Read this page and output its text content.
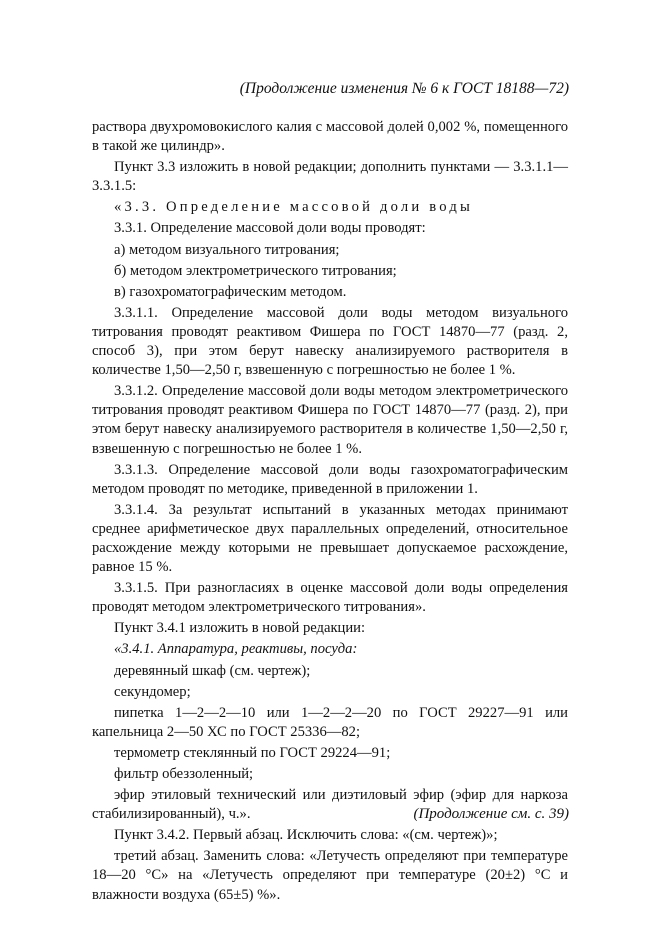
(Продолжение изменения № 6 к ГОСТ 18188—72)

раствора двухромовокислого калия с массовой долей 0,002 %, помещенного в такой же цилиндр».

Пункт 3.3 изложить в новой редакции; дополнить пунктами — 3.3.1.1—3.3.1.5:

«3.3. Определение массовой доли воды

3.3.1. Определение массовой доли воды проводят:

а) методом визуального титрования;

б) методом электрометрического титрования;

в) газохроматографическим методом.

3.3.1.1. Определение массовой доли воды методом визуального титрования проводят реактивом Фишера по ГОСТ 14870—77 (разд. 2, способ 3), при этом берут навеску анализируемого растворителя в количестве 1,50—2,50 г, взвешенную с погрешностью не более 1 %.

3.3.1.2. Определение массовой доли воды методом электрометрического титрования проводят реактивом Фишера по ГОСТ 14870—77 (разд. 2), при этом берут навеску анализируемого растворителя в количестве 1,50—2,50 г, взвешенную с погрешностью не более 1 %.

3.3.1.3. Определение массовой доли воды газохроматографическим методом проводят по методике, приведенной в приложении 1.

3.3.1.4. За результат испытаний в указанных методах принимают среднее арифметическое двух параллельных определений, относительное расхождение между которыми не превышает допускаемое расхождение, равное 15 %.

3.3.1.5. При разногласиях в оценке массовой доли воды определения проводят методом электрометрического титрования».

Пункт 3.4.1 изложить в новой редакции:

«3.4.1. Аппаратура, реактивы, посуда:

деревянный шкаф (см. чертеж);

секундомер;

пипетка 1—2—2—10 или 1—2—2—20 по ГОСТ 29227—91 или капельница 2—50 ХС по ГОСТ 25336—82;

термометр стеклянный по ГОСТ 29224—91;

фильтр обеззоленный;

эфир этиловый технический или диэтиловый эфир (эфир для наркоза стабилизированный), ч.».

Пункт 3.4.2. Первый абзац. Исключить слова: «(см. чертеж)»;

третий абзац. Заменить слова: «Летучесть определяют при температуре 18—20 °С» на «Летучесть определяют при температуре (20±2) °С и влажности воздуха (65±5) %».

(Продолжение см. с. 39)
